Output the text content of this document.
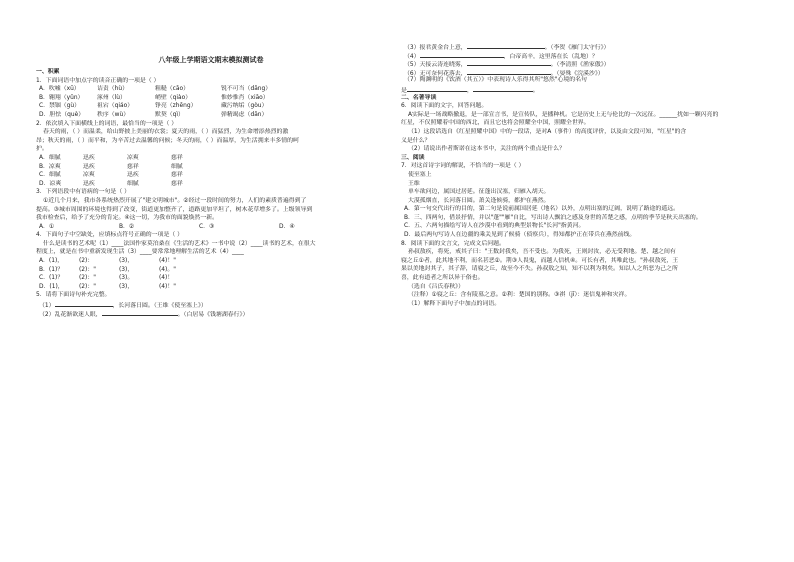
八年级上学期语文期末模拟测试卷
一、积累
1．下面词语中加点字的读音正确的一项是（ ）
A．吹嘘（xū）	诘责（hù）	粗糙（cāo）	锐不可当（dāng）
B．翱翔（yǔn）	涿州（lù）	峭壁（qiào）	惟妙惟肖（xiāo）
C．禁锢（gù）	祖宕（qiáo）	铮亮（zhēng）	藏污纳垢（gòu）
D．胆怯（què）	秩序（wù）	默契（qì）	弹精竭虑（dān）
2．依次填入下面横线上的词语，最恰当的一项是（ ）
春天的雨，（ ）而温柔，给山野披上美丽的衣裳；夏天的雨，（ ）而猛烈，为生命增添热烈的激
昂；秋天的雨，（ ）而平和，为辛苦过去温馨的问候；冬天的雨，（ ）而温厚，为生活拥来丰多情的呵
护。
A．细腻	迅疾	凉爽	慈祥
B．凉爽	迅疾	慈祥	细腻
C．细腻	凉爽	迅疾	慈祥
D．凉爽	迅疾	细腻	慈祥
3．下列语段中有语病的一句是（ ）
①近几个月来，我市各系统热烈开展了"建文明城市"。②经过一段时间的努力，人们的素质普遍得到了
提高。③城市周围的环境也得到了改变，街道更加整齐了，道路更加平坦了，树木花草增多了。上级领导到
我市检查后，给予了充分的肯定。④这一切，为我市的面貌焕然一新。
A．①	B．②	C．③	D．④
4．下面句子中空缺处，应填标点符号正确的一项是（ ）
什么是读书的艺术呢（1）____法国作家莫泊桑在《生活的艺术》一书中说（2）____读书的艺术，在很大
程度上，就是在书中重新发现生活（3）____要常常地理解生活的艺术（4）____
A．(1)，	(2)：	(3)，	(4)！"
B．(1)？	(2)："	(3)，	(4)。"
C．(1)？	(2)："	(3)。	(4)！
D．(1)，	(2)："	(3)，	(4)！"
5．请将下面诗句补充完整。
（1）	，长河落日圆。（王维《使至塞上》）
（2）乱花渐欲迷人眼，	。（白居易《钱塘湖春行》）
（3）报君黄金台上意，	。（李贺《雁门太守行》）
（4）	，白帝高辛，这里落在长（乱地）？
（5）天接云涛连晓雾，	。（李清照《渔家傲》）
（6）无可奈何花落去，	。（晏殊《浣溪沙》）
（7）陶渊明的《饮酒（其五）》中表现诗人乐得其所"悠然"心境的名句
是	，	。
二、名著导读
6．阅读下面的文字，回答问题。
A实际是一场战略撤退，是一部宣言书，是宣传队，是播种机。它是历史上无与伦比的一次远征。______扰如一颗闪亮的
红星，不仅照耀着中国的西北，而且它也将会照耀全中国，照耀全世界。
（1）这段话选自《红星照耀中国》中的一段话，是对A（事件）的高度评价，以及由文段可知，"红星"的含
义是什么？
（2）请说出作者斯诺在这本书中，关注的两个重点是什么？
三、阅读
7．对这首诗字词的解说，不恰当的一项是（ ）
使至塞上
王维
单车欲问边，属国过居延。征蓬出汉塞，归雁入胡天。
大漠孤烟直，长河落日圆。萧关逢候骑，都护在燕然。
A．第一句交代出行的目的，第二句是说前属国居延（地名）以外，点明出塞的辽阔，说明了路途的遥远。
B．三、四两句，借景抒情，并以"蓬""雁"自比，写出诗人飘泊之感及身世的苦楚之感，点明的季节是秋天出塞的。
C．五、六两句描绘写诗人在沙漠中看到的典型景物长"长河"指黄河。
D．最后两句写诗人在边疆的乘关见到了候骑（侦察兵），得知都护正在带兵在燕然前线。
8．阅读下面的文言文，完成文后问题。
孙叔敖疾，将死，戒其子曰："王数封我矣，吾不受也。为我死，王则封汝，必无受利地。楚、越之间有
寝之丘①者，此其地不利，而名甚恶②。荆③人畏鬼，而越人信机④。可长有者，其唯此也。"孙叔敖死，王
果以美地封其子，其子辞，请寝之丘，故至今不失。孙叔敖之知，知不以利为利矣。知以人之所恶为己之所
喜，此有道者之所以异于俗也。
（选自《吕氏春秋》）
（注释）①寝之丘：含有陵墓之意。②利：楚国的别称。③祺（jī）：迷信鬼神和灾祥。
（1）解释下面句子中加点的词语。
